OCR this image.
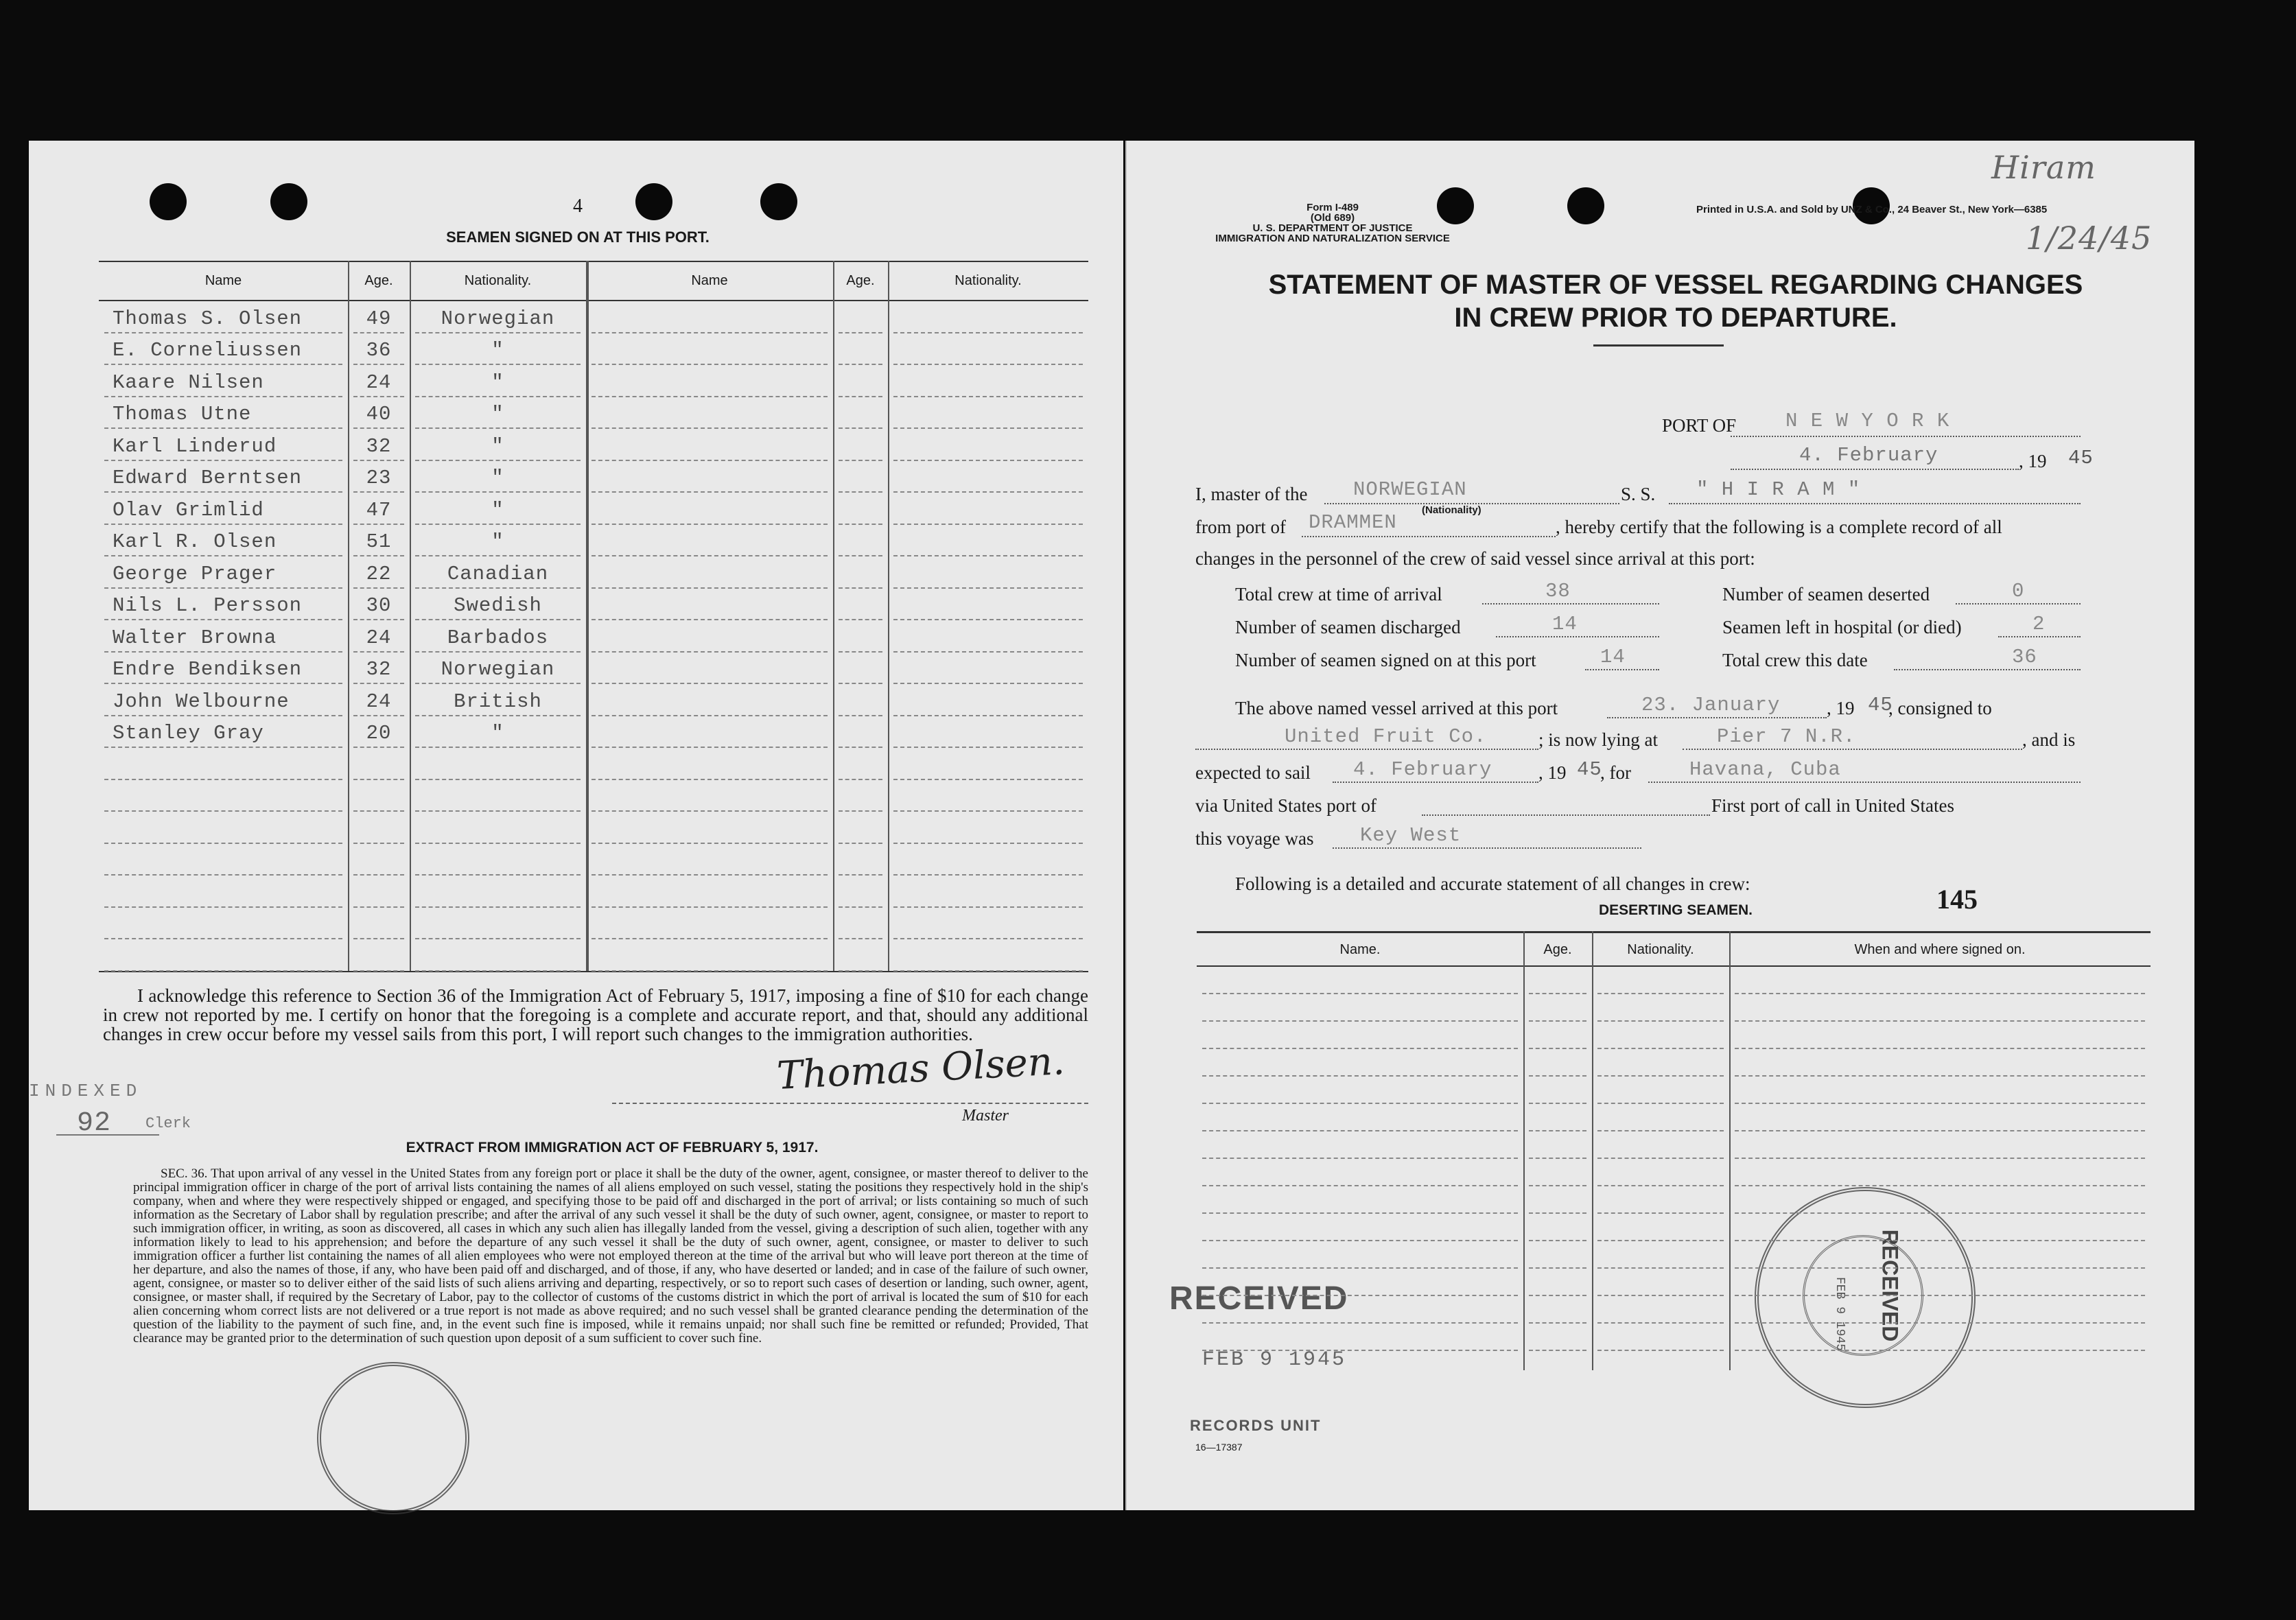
4
SEAMEN SIGNED ON AT THIS PORT.
Name	Age.	Nationality.	Name	Age.	Nationality.
Thomas S. Olsen	49	Norwegian
E. Corneliussen	36	"
Kaare Nilsen	24	"
Thomas Utne	40	"
Karl Linderud	32	"
Edward Berntsen	23	"
Olav Grimlid	47	"
Karl R. Olsen	51	"
George Prager	22	Canadian
Nils L. Persson	30	Swedish
Walter Browna	24	Barbados
Endre Bendiksen	32	Norwegian
John Welbourne	24	British
Stanley Gray	20	"
I acknowledge this reference to Section 36 of the Immigration Act of February 5, 1917, imposing a fine of $10 for each change in crew not reported by me. I certify on honor that the foregoing is a complete and accurate report, and that, should any additional changes in crew occur before my vessel sails from this port, I will report such changes to the immigration authorities.
Thomas Olsen.
Master
INDEXED
92 Clerk
EXTRACT FROM IMMIGRATION ACT OF FEBRUARY 5, 1917.
SEC. 36. That upon arrival of any vessel in the United States from any foreign port or place it shall be the duty of the owner, agent, consignee, or master thereof to deliver to the principal immigration officer in charge of the port of arrival lists containing the names of all aliens employed on such vessel, stating the positions they respectively hold in the ship's company, when and where they were respectively shipped or engaged, and specifying those to be paid off and discharged in the port of arrival; or lists containing so much of such information as the Secretary of Labor shall by regulation prescribe; and after the arrival of any such vessel it shall be the duty of such owner, agent, consignee, or master to report to such immigration officer, in writing, as soon as discovered, all cases in which any such alien has illegally landed from the vessel, giving a description of such alien, together with any information likely to lead to his apprehension; and before the departure of any such vessel it shall be the duty of such owner, agent, consignee, or master to deliver to such immigration officer a further list containing the names of all alien employees who were not employed thereon at the time of the arrival but who will leave port thereon at the time of her departure, and also the names of those, if any, who have been paid off and discharged, and of those, if any, who have deserted or landed; and in case of the failure of such owner, agent, consignee, or master so to deliver either of the said lists of such aliens arriving and departing, respectively, or so to report such cases of desertion or landing, such owner, agent, consignee, or master shall, if required by the Secretary of Labor, pay to the collector of customs of the customs district in which the port of arrival is located the sum of $10 for each alien concerning whom correct lists are not delivered or a true report is not made as above required; and no such vessel shall be granted clearance pending the determination of the question of the liability to the payment of such fine, and, in the event such fine is imposed, while it remains unpaid; nor shall such fine be remitted or refunded; Provided, That clearance may be granted prior to the determination of such question upon deposit of a sum sufficient to cover such fine.
Form I-489
(Old 689)
U. S. DEPARTMENT OF JUSTICE
IMMIGRATION AND NATURALIZATION SERVICE
Printed in U.S.A. and Sold by UNZ & Co., 24 Beaver St., New York—6385
Hiram
1/24/45
STATEMENT OF MASTER OF VESSEL REGARDING CHANGES
IN CREW PRIOR TO DEPARTURE.
PORT OF N E W Y O R K
4. February	, 19 45
I, master of the NORWEGIAN
(Nationality)
S. S. " H I R A M "
from port of DRAMMEN	, hereby certify that the following is a complete record of all
changes in the personnel of the crew of said vessel since arrival at this port:
Total crew at time of arrival	38	Number of seamen deserted	0
Number of seamen discharged	14	Seamen left in hospital (or died)	2
Number of seamen signed on at this port	14	Total crew this date	36
The above named vessel arrived at this port	23. January	, 19 45
, consigned to
United Fruit Co.	; is now lying at	Pier 7 N.R.	, and is
expected to sail 4. February	, 19 45
, for	Havana, Cuba
via United States port of	First port of call in United States
this voyage was Key West
Following is a detailed and accurate statement of all changes in crew:	145
DESERTING SEAMEN.
Name.	Age.	Nationality.	When and where signed on.
RECEIVED
FEB 9 1945
RECORDS UNIT
RECEIVED
FEB 9 1945
16—17387
